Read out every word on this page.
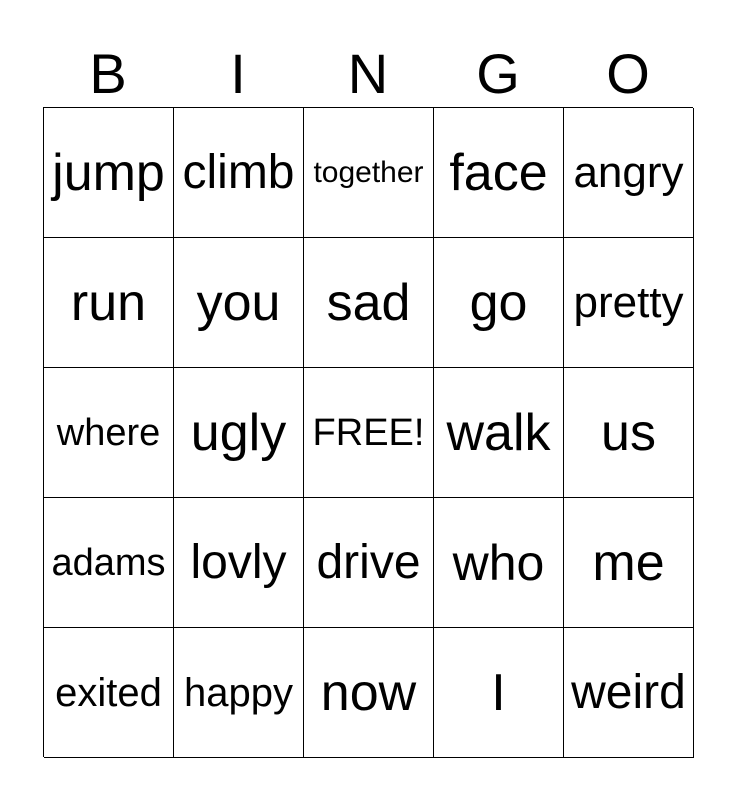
B	I	N	G	O
jump climb together face angry
run you sad	go	pretty
where ugly FREE! walk us
adams lovly drive who me
exited happy now	I	weird
